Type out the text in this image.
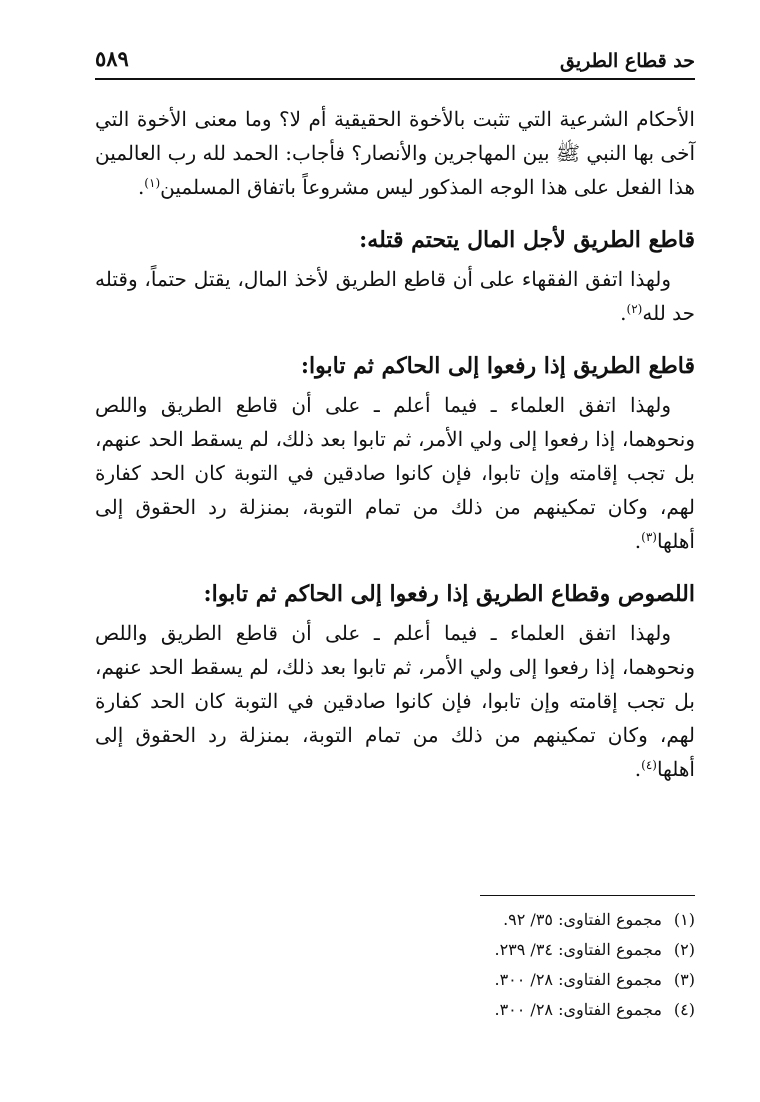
حد قطاع الطريق
٥٨٩

الأحكام الشرعية التي تثبت بالأخوة الحقيقية أم لا؟ وما معنى الأخوة التي آخى بها النبي ﷺ بين المهاجرين والأنصار؟ فأجاب: الحمد لله رب العالمين هذا الفعل على هذا الوجه المذكور ليس مشروعاً باتفاق المسلمين$^{(١)}$.

قاطع الطريق لأجل المال يتحتم قتله:

ولهذا اتفق الفقهاء على أن قاطع الطريق لأخذ المال، يقتل حتماً، وقتله حد لله$^{(٢)}$.

قاطع الطريق إذا رفعوا إلى الحاكم ثم تابوا:

ولهذا اتفق العلماء ـ فيما أعلم ـ على أن قاطع الطريق واللص ونحوهما، إذا رفعوا إلى ولي الأمر، ثم تابوا بعد ذلك، لم يسقط الحد عنهم، بل تجب إقامته وإن تابوا، فإن كانوا صادقين في التوبة كان الحد كفارة لهم، وكان تمكينهم من ذلك من تمام التوبة، بمنزلة رد الحقوق إلى أهلها$^{(٣)}$.

اللصوص وقطاع الطريق إذا رفعوا إلى الحاكم ثم تابوا:

ولهذا اتفق العلماء ـ فيما أعلم ـ على أن قاطع الطريق واللص ونحوهما، إذا رفعوا إلى ولي الأمر، ثم تابوا بعد ذلك، لم يسقط الحد عنهم، بل تجب إقامته وإن تابوا، فإن كانوا صادقين في التوبة كان الحد كفارة لهم، وكان تمكينهم من ذلك من تمام التوبة، بمنزلة رد الحقوق إلى أهلها$^{(٤)}$.

(١)مجموع الفتاوى: ٣٥/ ٩٢.
(٢)مجموع الفتاوى: ٣٤/ ٢٣٩.
(٣)مجموع الفتاوى: ٢٨/ ٣٠٠.
(٤)مجموع الفتاوى: ٢٨/ ٣٠٠.
